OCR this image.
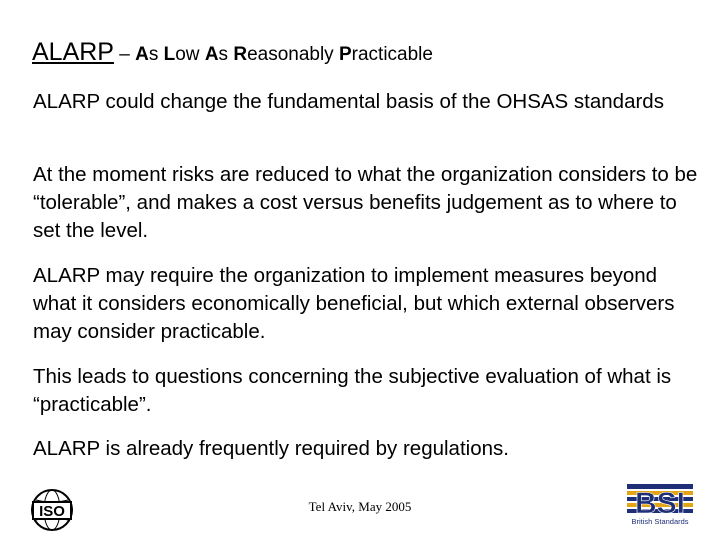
ALARP – As Low As Reasonably Practicable
ALARP could change the fundamental basis of the OHSAS standards
At the moment risks are reduced to what the organization considers to be “tolerable”, and makes a cost versus benefits judgement as to where to set the level.
ALARP may require the organization to implement measures beyond what it considers economically beneficial, but which external observers may consider practicable.
This leads to questions concerning the subjective evaluation of what is “practicable”.
ALARP is already frequently required by regulations.
ISO	Tel Aviv, May 2005	BSI
British Standards
